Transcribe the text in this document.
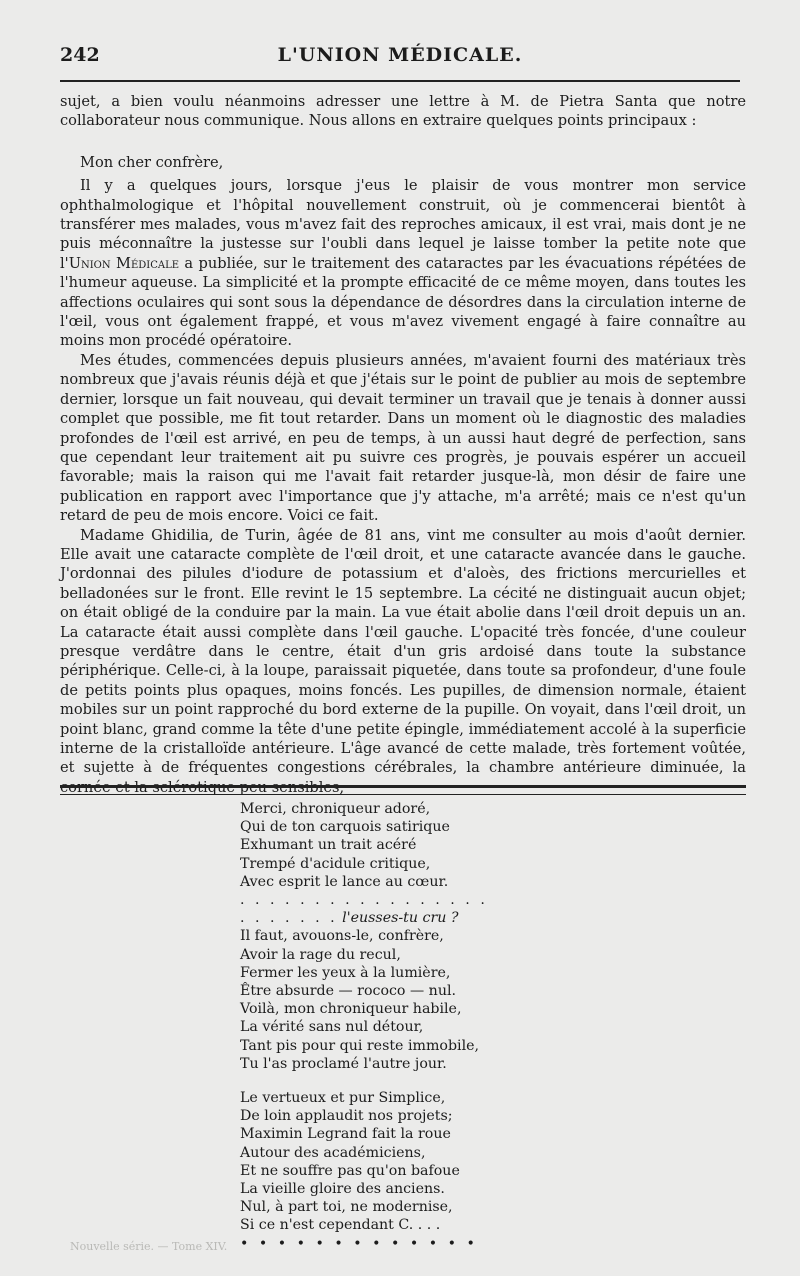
242	L'UNION MÉDICALE.

sujet, a bien voulu néanmoins adresser une lettre à M. de Pietra Santa que notre collaborateur nous communique. Nous allons en extraire quelques points principaux :

Mon cher confrère,

Il y a quelques jours, lorsque j'eus le plaisir de vous montrer mon service ophthalmologique et l'hôpital nouvellement construit, où je commencerai bientôt à transférer mes malades, vous m'avez fait des reproches amicaux, il est vrai, mais dont je ne puis méconnaître la justesse sur l'oubli dans lequel je laisse tomber la petite note que l'Union Médicale a publiée, sur le traitement des cataractes par les évacuations répétées de l'humeur aqueuse. La simplicité et la prompte efficacité de ce même moyen, dans toutes les affections oculaires qui sont sous la dépendance de désordres dans la circulation interne de l'œil, vous ont également frappé, et vous m'avez vivement engagé à faire connaître au moins mon procédé opératoire.

Mes études, commencées depuis plusieurs années, m'avaient fourni des matériaux très nombreux que j'avais réunis déjà et que j'étais sur le point de publier au mois de septembre dernier, lorsque un fait nouveau, qui devait terminer un travail que je tenais à donner aussi complet que possible, me fit tout retarder. Dans un moment où le diagnostic des maladies profondes de l'œil est arrivé, en peu de temps, à un aussi haut degré de perfection, sans que cependant leur traitement ait pu suivre ces progrès, je pouvais espérer un accueil favorable; mais la raison qui me l'avait fait retarder jusque-là, mon désir de faire une publication en rapport avec l'importance que j'y attache, m'a arrêté; mais ce n'est qu'un retard de peu de mois encore. Voici ce fait.

Madame Ghidilia, de Turin, âgée de 81 ans, vint me consulter au mois d'août dernier. Elle avait une cataracte complète de l'œil droit, et une cataracte avancée dans le gauche. J'ordonnai des pilules d'iodure de potassium et d'aloès, des frictions mercurielles et belladonées sur le front. Elle revint le 15 septembre. La cécité ne distinguait aucun objet; on était obligé de la conduire par la main. La vue était abolie dans l'œil droit depuis un an. La cataracte était aussi complète dans l'œil gauche. L'opacité très foncée, d'une couleur presque verdâtre dans le centre, était d'un gris ardoisé dans toute la substance périphérique. Celle-ci, à la loupe, paraissait piquetée, dans toute sa profondeur, d'une foule de petits points plus opaques, moins foncés. Les pupilles, de dimension normale, étaient mobiles sur un point rapproché du bord externe de la pupille. On voyait, dans l'œil droit, un point blanc, grand comme la tête d'une petite épingle, immédiatement accolé à la superficie interne de la cristalloïde antérieure. L'âge avancé de cette malade, très fortement voûtée, et sujette à de fréquentes congestions cérébrales, la chambre antérieure diminuée, la cornée et la sclérotique peu sensibles,

Merci, chroniqueur adoré,
Qui de ton carquois satirique
Exhumant un trait acéré
Trempé d'acidule critique,
Avec esprit le lance au cœur.
. . . . . . . . . . . . . . . . .
. . . . . . . l'eusses-tu cru ?
Il faut, avouons-le, confrère,
Avoir la rage du recul,
Fermer les yeux à la lumière,
Être absurde — rococo — nul.
Voilà, mon chroniqueur habile,
La vérité sans nul détour,
Tant pis pour qui reste immobile,
Tu l'as proclamé l'autre jour.
Le vertueux et pur Simplice,
De loin applaudit nos projets;
Maximin Legrand fait la roue
Autour des académiciens,
Et ne souffre pas qu'on bafoue
La vieille gloire des anciens.
Nul, à part toi, ne modernise,
Si ce n'est cependant C. . . .
• • • • • • • • • • • • •
Nouvelle série. — Tome XIV.
